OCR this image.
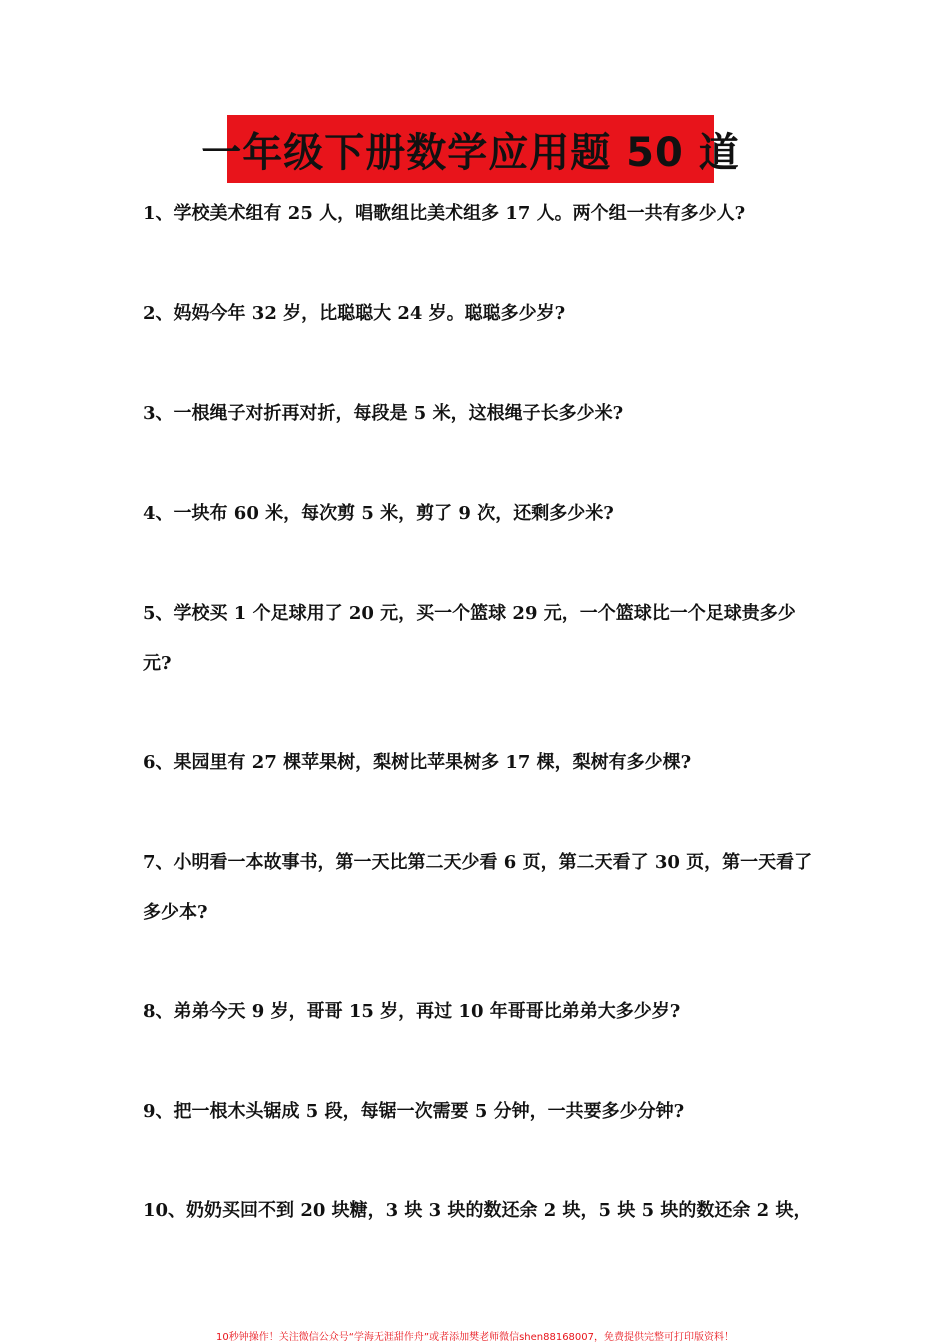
一年级下册数学应用题 50 道
1、学校美术组有 25 人，唱歌组比美术组多 17 人。两个组一共有多少人?
2、妈妈今年 32 岁，比聪聪大 24 岁。聪聪多少岁?
3、一根绳子对折再对折，每段是 5 米，这根绳子长多少米?
4、一块布 60 米，每次剪 5 米，剪了 9 次，还剩多少米?
5、学校买 1 个足球用了 20 元，买一个篮球 29 元，一个篮球比一个足球贵多少元?
6、果园里有 27 棵苹果树，梨树比苹果树多 17 棵，梨树有多少棵?
7、小明看一本故事书，第一天比第二天少看 6 页，第二天看了 30 页，第一天看了多少本?
8、弟弟今天 9 岁，哥哥 15 岁，再过 10 年哥哥比弟弟大多少岁?
9、把一根木头锯成 5 段，每锯一次需要 5 分钟，一共要多少分钟?
10、奶奶买回不到 20 块糖，3 块 3 块的数还余 2 块，5 块 5 块的数还余 2 块，
10秒钟操作！关注微信公众号“学海无涯甜作舟”或者添加樊老师微信shen88168007，免费提供完整可打印版资料！
